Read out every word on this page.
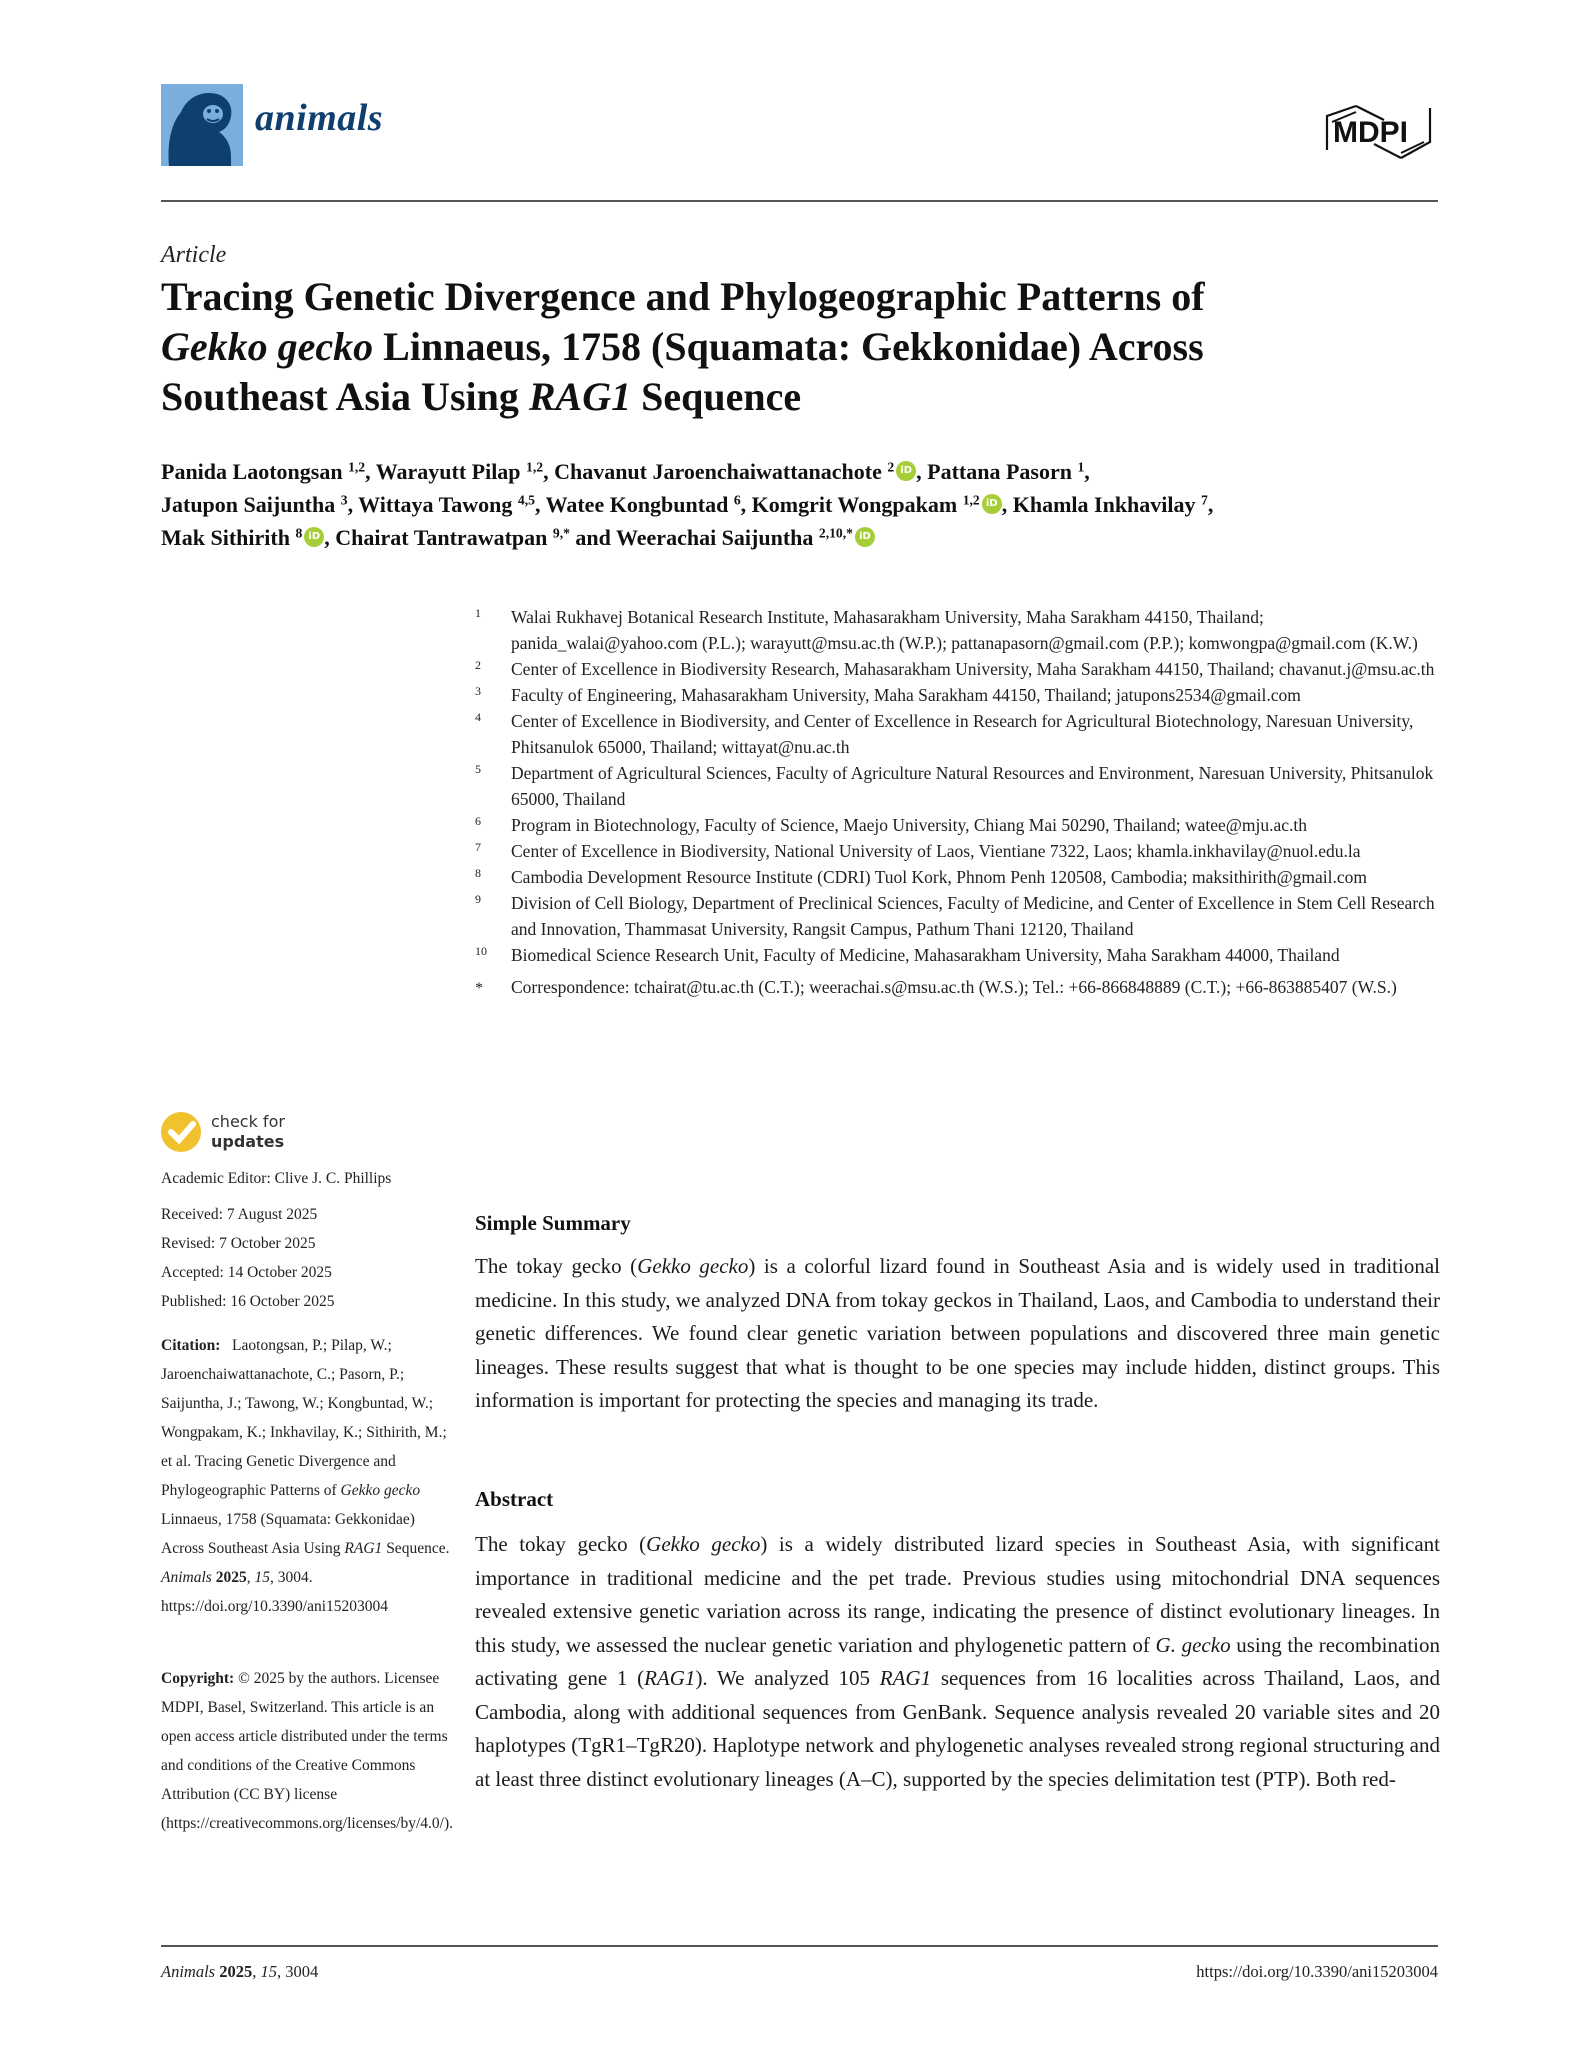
animals	MDPI
Article
Tracing Genetic Divergence and Phylogeographic Patterns of
Gekko gecko Linnaeus, 1758 (Squamata: Gekkonidae) Across
Southeast Asia Using RAG1 Sequence
Panida Laotongsan $^{1,2}$, Warayutt Pilap $^{1,2}$, Chavanut Jaroenchaiwattanachote $^2$ iD , Pattana Pasorn $^1$,
Jatupon Saijuntha $^3$, Wittaya Tawong $^{4,5}$, Watee Kongbuntad $^6$, Komgrit Wongpakam $^{1,2}$ iD , Khamla Inkhavilay $^7$,
Mak Sithirith $^8$ iD , Chairat Tantrawatpan $^{9,*}$ and Weerachai Saijuntha $^{2,10,*}$ iD
1 Walai Rukhavej Botanical Research Institute, Mahasarakham University, Maha Sarakham 44150, Thailand; panida_walai@yahoo.com (P.L.); warayutt@msu.ac.th (W.P.); pattanapasorn@gmail.com (P.P.); komwongpa@gmail.com (K.W.)
2 Center of Excellence in Biodiversity Research, Mahasarakham University, Maha Sarakham 44150, Thailand; chavanut.j@msu.ac.th
3 Faculty of Engineering, Mahasarakham University, Maha Sarakham 44150, Thailand; jatupons2534@gmail.com
4 Center of Excellence in Biodiversity, and Center of Excellence in Research for Agricultural Biotechnology, Naresuan University, Phitsanulok 65000, Thailand; wittayat@nu.ac.th
5 Department of Agricultural Sciences, Faculty of Agriculture Natural Resources and Environment, Naresuan University, Phitsanulok 65000, Thailand
6 Program in Biotechnology, Faculty of Science, Maejo University, Chiang Mai 50290, Thailand; watee@mju.ac.th
7 Center of Excellence in Biodiversity, National University of Laos, Vientiane 7322, Laos; khamla.inkhavilay@nuol.edu.la
8 Cambodia Development Resource Institute (CDRI) Tuol Kork, Phnom Penh 120508, Cambodia; maksithirith@gmail.com
9 Division of Cell Biology, Department of Preclinical Sciences, Faculty of Medicine, and Center of Excellence in Stem Cell Research and Innovation, Thammasat University, Rangsit Campus, Pathum Thani 12120, Thailand
10 Biomedical Science Research Unit, Faculty of Medicine, Mahasarakham University, Maha Sarakham 44000, Thailand
* Correspondence: tchairat@tu.ac.th (C.T.); weerachai.s@msu.ac.th (W.S.); Tel.: +66-866848889 (C.T.); +66-863885407 (W.S.)
check for
updates
Academic Editor: Clive J. C. Phillips
Received: 7 August 2025
Revised: 7 October 2025
Accepted: 14 October 2025
Published: 16 October 2025
Citation: Laotongsan, P.; Pilap, W.; Jaroenchaiwattanachote, C.; Pasorn, P.; Saijuntha, J.; Tawong, W.; Kongbuntad, W.; Wongpakam, K.; Inkhavilay, K.; Sithirith, M.; et al. Tracing Genetic Divergence and Phylogeographic Patterns of Gekko gecko Linnaeus, 1758 (Squamata: Gekkonidae) Across Southeast Asia Using RAG1 Sequence. Animals 2025, 15, 3004. https://doi.org/10.3390/ani15203004
Copyright: © 2025 by the authors. Licensee MDPI, Basel, Switzerland. This article is an open access article distributed under the terms and conditions of the Creative Commons Attribution (CC BY) license (https://creativecommons.org/licenses/by/4.0/).
Simple Summary
The tokay gecko (Gekko gecko) is a colorful lizard found in Southeast Asia and is widely used in traditional medicine. In this study, we analyzed DNA from tokay geckos in Thailand, Laos, and Cambodia to understand their genetic differences. We found clear genetic variation between populations and discovered three main genetic lineages. These results suggest that what is thought to be one species may include hidden, distinct groups. This information is important for protecting the species and managing its trade.
Abstract
The tokay gecko (Gekko gecko) is a widely distributed lizard species in Southeast Asia, with significant importance in traditional medicine and the pet trade. Previous studies using mitochondrial DNA sequences revealed extensive genetic variation across its range, indicating the presence of distinct evolutionary lineages. In this study, we assessed the nuclear genetic variation and phylogenetic pattern of G. gecko using the recombination activating gene 1 (RAG1). We analyzed 105 RAG1 sequences from 16 localities across Thailand, Laos, and Cambodia, along with additional sequences from GenBank. Sequence analysis revealed 20 variable sites and 20 haplotypes (TgR1–TgR20). Haplotype network and phylogenetic analyses revealed strong regional structuring and at least three distinct evolutionary lineages (A–C), supported by the species delimitation test (PTP). Both red-
Animals 2025, 15, 3004	https://doi.org/10.3390/ani15203004
